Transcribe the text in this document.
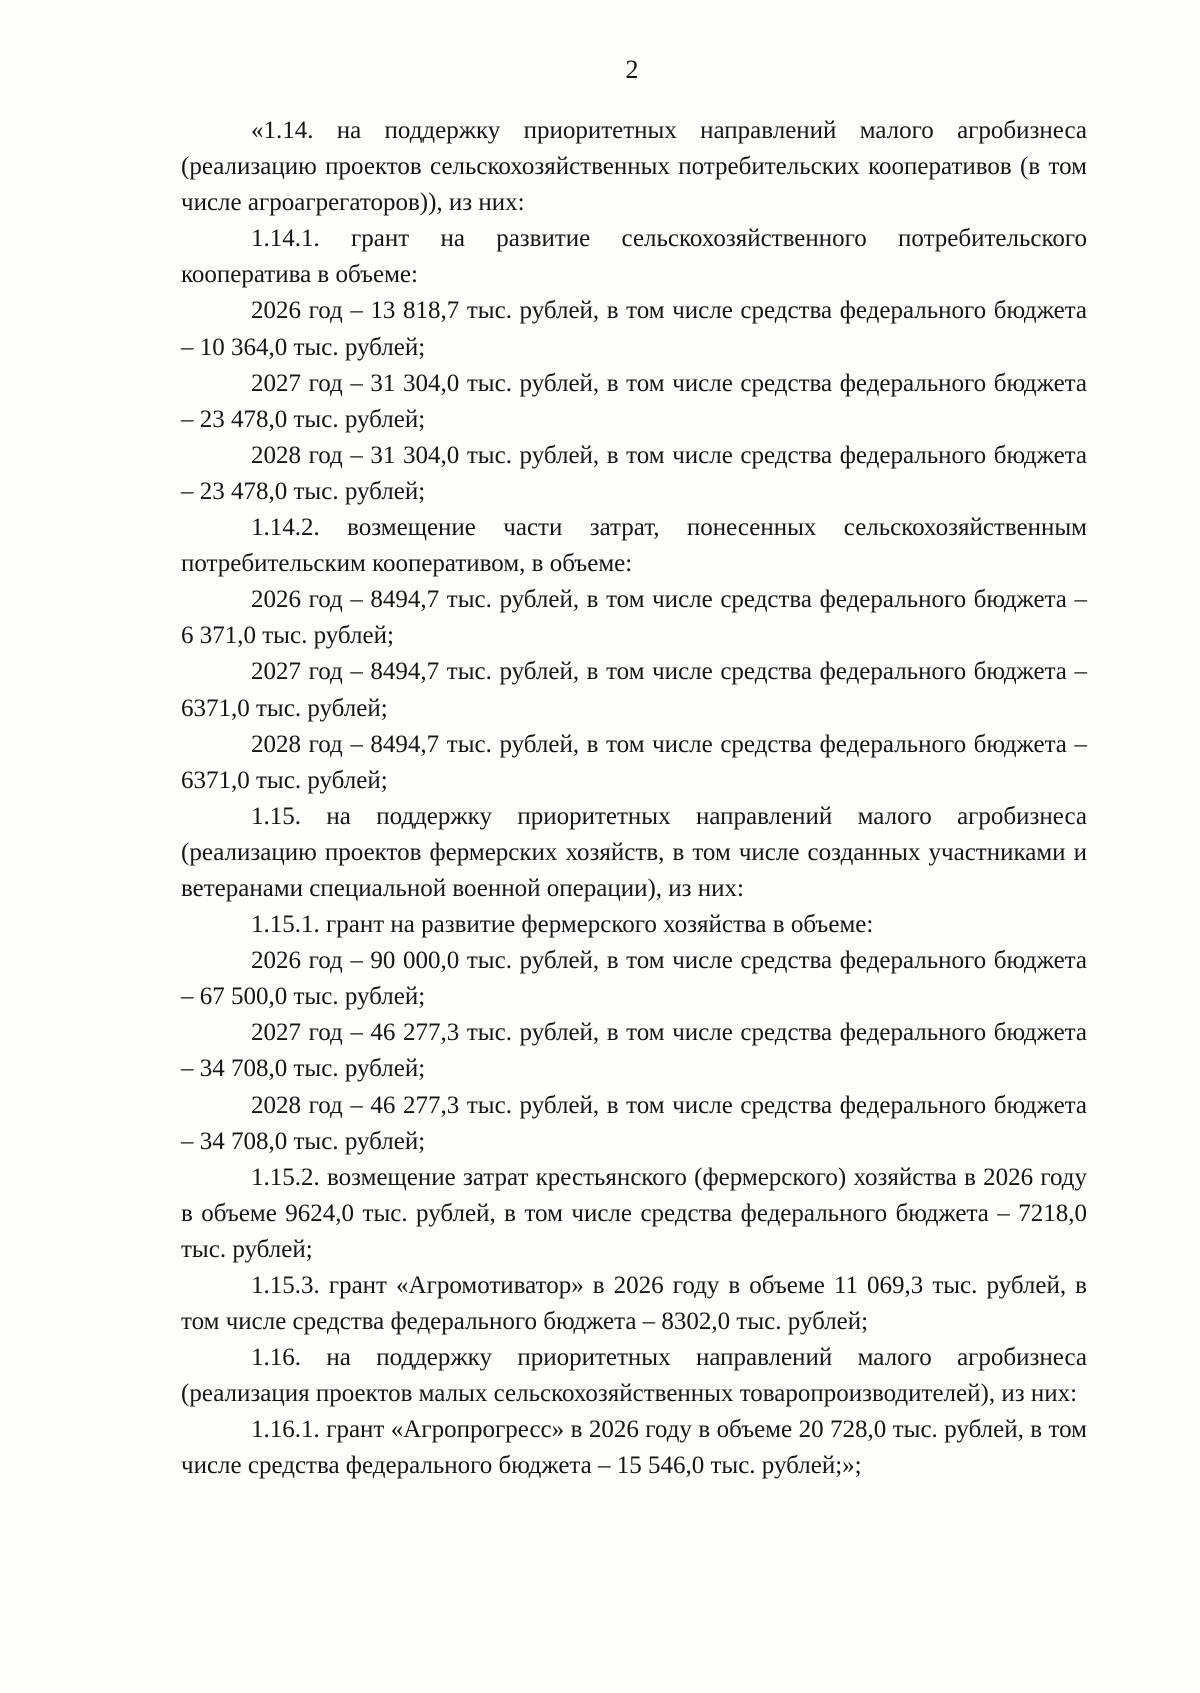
2

«1.14. на поддержку приоритетных направлений малого агробизнеса (реализацию проектов сельскохозяйственных потребительских кооперативов (в том числе агроагрегаторов)), из них:

1.14.1. грант на развитие сельскохозяйственного потребительского кооператива в объеме:

2026 год – 13 818,7 тыс. рублей, в том числе средства федерального бюджета – 10 364,0 тыс. рублей;

2027 год – 31 304,0 тыс. рублей, в том числе средства федерального бюджета – 23 478,0 тыс. рублей;

2028 год – 31 304,0 тыс. рублей, в том числе средства федерального бюджета – 23 478,0 тыс. рублей;

1.14.2. возмещение части затрат, понесенных сельскохозяйственным потребительским кооперативом, в объеме:

2026 год – 8494,7 тыс. рублей, в том числе средства федерального бюджета – 6 371,0 тыс. рублей;

2027 год – 8494,7 тыс. рублей, в том числе средства федерального бюджета – 6371,0 тыс. рублей;

2028 год – 8494,7 тыс. рублей, в том числе средства федерального бюджета – 6371,0 тыс. рублей;

1.15. на поддержку приоритетных направлений малого агробизнеса (реализацию проектов фермерских хозяйств, в том числе созданных участниками и ветеранами специальной военной операции), из них:

1.15.1. грант на развитие фермерского хозяйства в объеме:

2026 год – 90 000,0 тыс. рублей, в том числе средства федерального бюджета – 67 500,0 тыс. рублей;

2027 год – 46 277,3 тыс. рублей, в том числе средства федерального бюджета – 34 708,0 тыс. рублей;

2028 год – 46 277,3 тыс. рублей, в том числе средства федерального бюджета – 34 708,0 тыс. рублей;

1.15.2. возмещение затрат крестьянского (фермерского) хозяйства в 2026 году в объеме 9624,0 тыс. рублей, в том числе средства федерального бюджета – 7218,0 тыс. рублей;

1.15.3. грант «Агромотиватор» в 2026 году в объеме 11 069,3 тыс. рублей, в том числе средства федерального бюджета – 8302,0 тыс. рублей;

1.16. на поддержку приоритетных направлений малого агробизнеса (реализация проектов малых сельскохозяйственных товаропроизводителей), из них:

1.16.1. грант «Агропрогресс» в 2026 году в объеме 20 728,0 тыс. рублей, в том числе средства федерального бюджета – 15 546,0 тыс. рублей;»;
